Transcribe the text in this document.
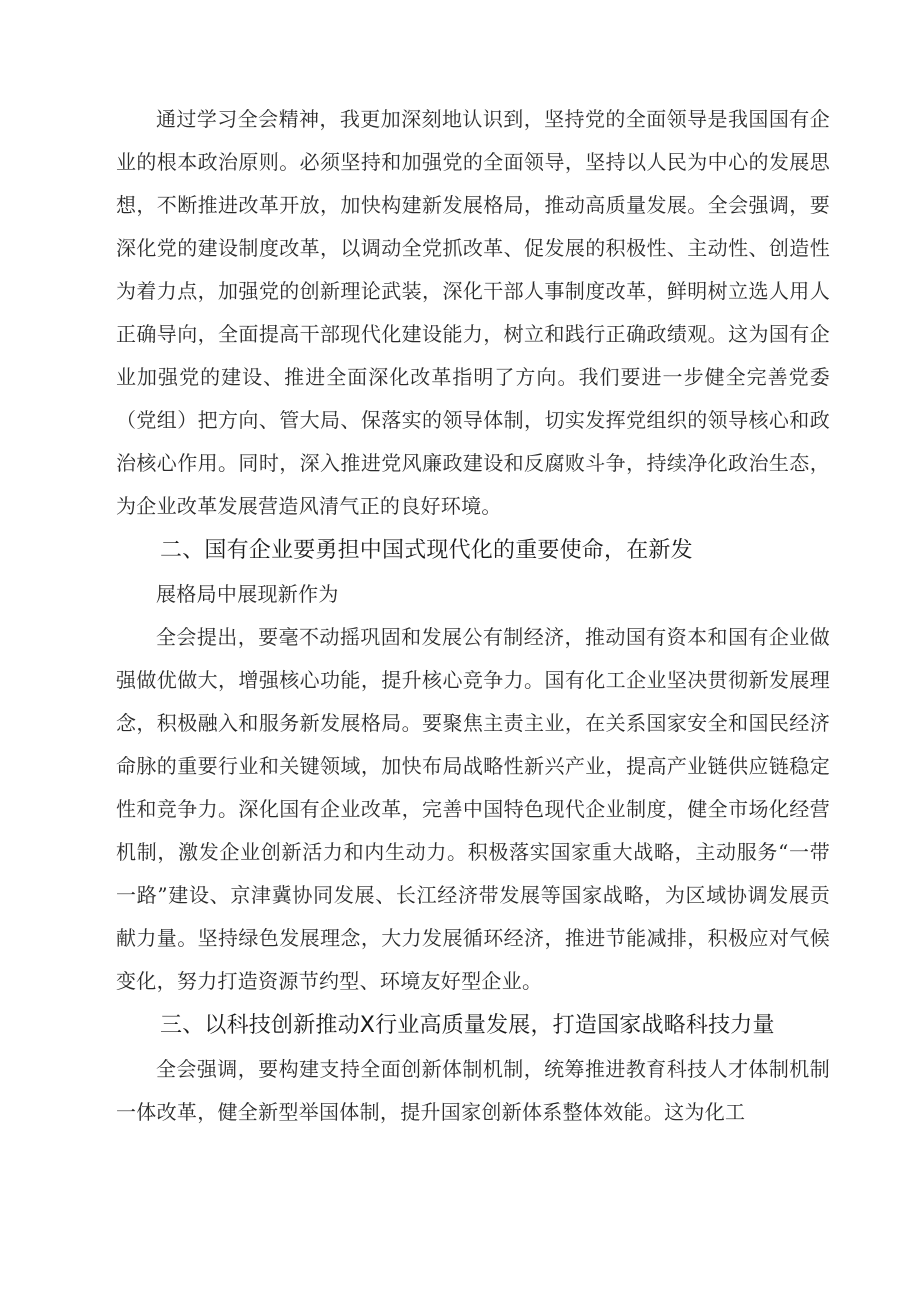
通过学习全会精神，我更加深刻地认识到，坚持党的全面领导是我国国有企业的根本政治原则。必须坚持和加强党的全面领导，坚持以人民为中心的发展思想，不断推进改革开放，加快构建新发展格局，推动高质量发展。全会强调，要深化党的建设制度改革，以调动全党抓改革、促发展的积极性、主动性、创造性为着力点，加强党的创新理论武装，深化干部人事制度改革，鲜明树立选人用人正确导向，全面提高干部现代化建设能力，树立和践行正确政绩观。这为国有企业加强党的建设、推进全面深化改革指明了方向。我们要进一步健全完善党委（党组）把方向、管大局、保落实的领导体制，切实发挥党组织的领导核心和政治核心作用。同时，深入推进党风廉政建设和反腐败斗争，持续净化政治生态，为企业改革发展营造风清气正的良好环境。

二、国有企业要勇担中国式现代化的重要使命，在新发

展格局中展现新作为

全会提出，要毫不动摇巩固和发展公有制经济，推动国有资本和国有企业做强做优做大，增强核心功能，提升核心竞争力。国有化工企业坚决贯彻新发展理念，积极融入和服务新发展格局。要聚焦主责主业，在关系国家安全和国民经济命脉的重要行业和关键领域，加快布局战略性新兴产业，提高产业链供应链稳定性和竞争力。深化国有企业改革，完善中国特色现代企业制度，健全市场化经营机制，激发企业创新活力和内生动力。积极落实国家重大战略，主动服务“一带一路”建设、京津冀协同发展、长江经济带发展等国家战略，为区域协调发展贡献力量。坚持绿色发展理念，大力发展循环经济，推进节能减排，积极应对气候变化，努力打造资源节约型、环境友好型企业。

三、以科技创新推动X行业高质量发展，打造国家战略科技力量

全会强调，要构建支持全面创新体制机制，统筹推进教育科技人才体制机制一体改革，健全新型举国体制，提升国家创新体系整体效能。这为化工
